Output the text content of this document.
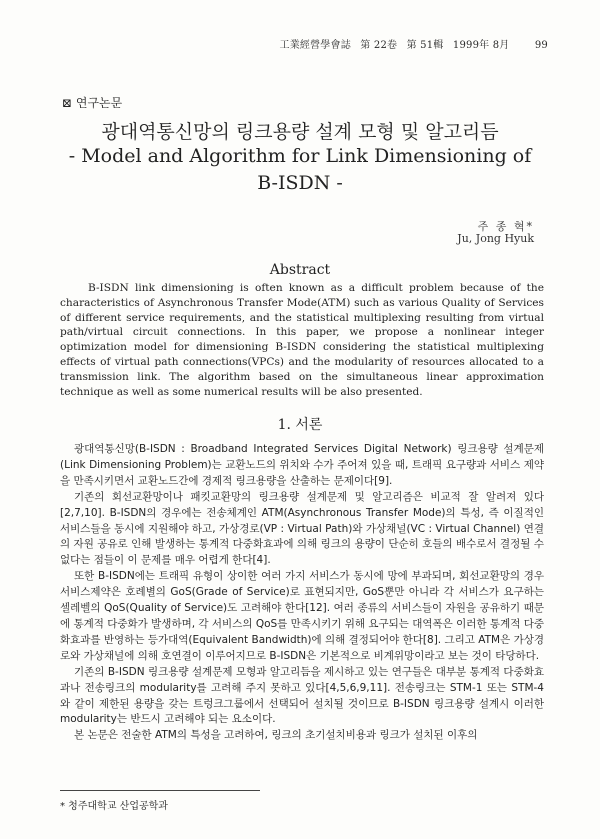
工業經營學會誌 第 22卷 第 51輯 1999年 8月	99
⊠ 연구논문
광대역통신망의 링크용량 설계 모형 및 알고리듬
- Model and Algorithm for Link Dimensioning of
B-ISDN -
주 종 혁*
Ju, Jong Hyuk
Abstract
B-ISDN link dimensioning is often known as a difficult problem because of the characteristics of Asynchronous Transfer Mode(ATM) such as various Quality of Services of different service requirements, and the statistical multiplexing resulting from virtual path/virtual circuit connections. In this paper, we propose a nonlinear integer optimization model for dimensioning B-ISDN considering the statistical multiplexing effects of virtual path connections(VPCs) and the modularity of resources allocated to a transmission link. The algorithm based on the simultaneous linear approximation technique as well as some numerical results will be also presented.
1. 서론

광대역통신망(B-ISDN : Broadband Integrated Services Digital Network) 링크용량 설계문제(Link Dimensioning Problem)는 교환노드의 위치와 수가 주어져 있을 때, 트래픽 요구량과 서비스 제약을 만족시키면서 교환노드간에 경제적 링크용량을 산출하는 문제이다[9].

기존의 회선교환망이나 패킷교환망의 링크용량 설계문제 및 알고리즘은 비교적 잘 알려져 있다[2,7,10]. B-ISDN의 경우에는 전송체계인 ATM(Asynchronous Transfer Mode)의 특성, 즉 이질적인 서비스들을 동시에 지원해야 하고, 가상경로(VP : Virtual Path)와 가상채널(VC : Virtual Channel) 연결의 자원 공유로 인해 발생하는 통계적 다중화효과에 의해 링크의 용량이 단순히 호들의 배수로서 결정될 수 없다는 점들이 이 문제를 매우 어렵게 한다[4].

또한 B-ISDN에는 트래픽 유형이 상이한 여러 가지 서비스가 동시에 망에 부과되며, 회선교환망의 경우 서비스제약은 호례별의 GoS(Grade of Service)로 표현되지만, GoS뿐만 아니라 각 서비스가 요구하는 셀레벨의 QoS(Quality of Service)도 고려해야 한다[12]. 여러 종류의 서비스들이 자원을 공유하기 때문에 통계적 다중화가 발생하며, 각 서비스의 QoS를 만족시키기 위해 요구되는 대역폭은 이러한 통계적 다중화효과를 반영하는 등가대역(Equivalent Bandwidth)에 의해 결정되어야 한다[8]. 그리고 ATM은 가상경로와 가상채널에 의해 호연결이 이루어지므로 B-ISDN은 기본적으로 비계위망이라고 보는 것이 타당하다.

기존의 B-ISDN 링크용량 설계문제 모형과 알고리듬을 제시하고 있는 연구들은 대부분 통계적 다중화효과나 전송링크의 modularity를 고려해 주지 못하고 있다[4,5,6,9,11]. 전송링크는 STM-1 또는 STM-4와 같이 제한된 용량을 갖는 트렁크그룹에서 선택되어 설치될 것이므로 B-ISDN 링크용량 설계시 이러한 modularity는 반드시 고려해야 되는 요소이다.

본 논문은 전술한 ATM의 특성을 고려하여, 링크의 초기설치비용과 링크가 설치된 이후의

* 청주대학교 산업공학과
